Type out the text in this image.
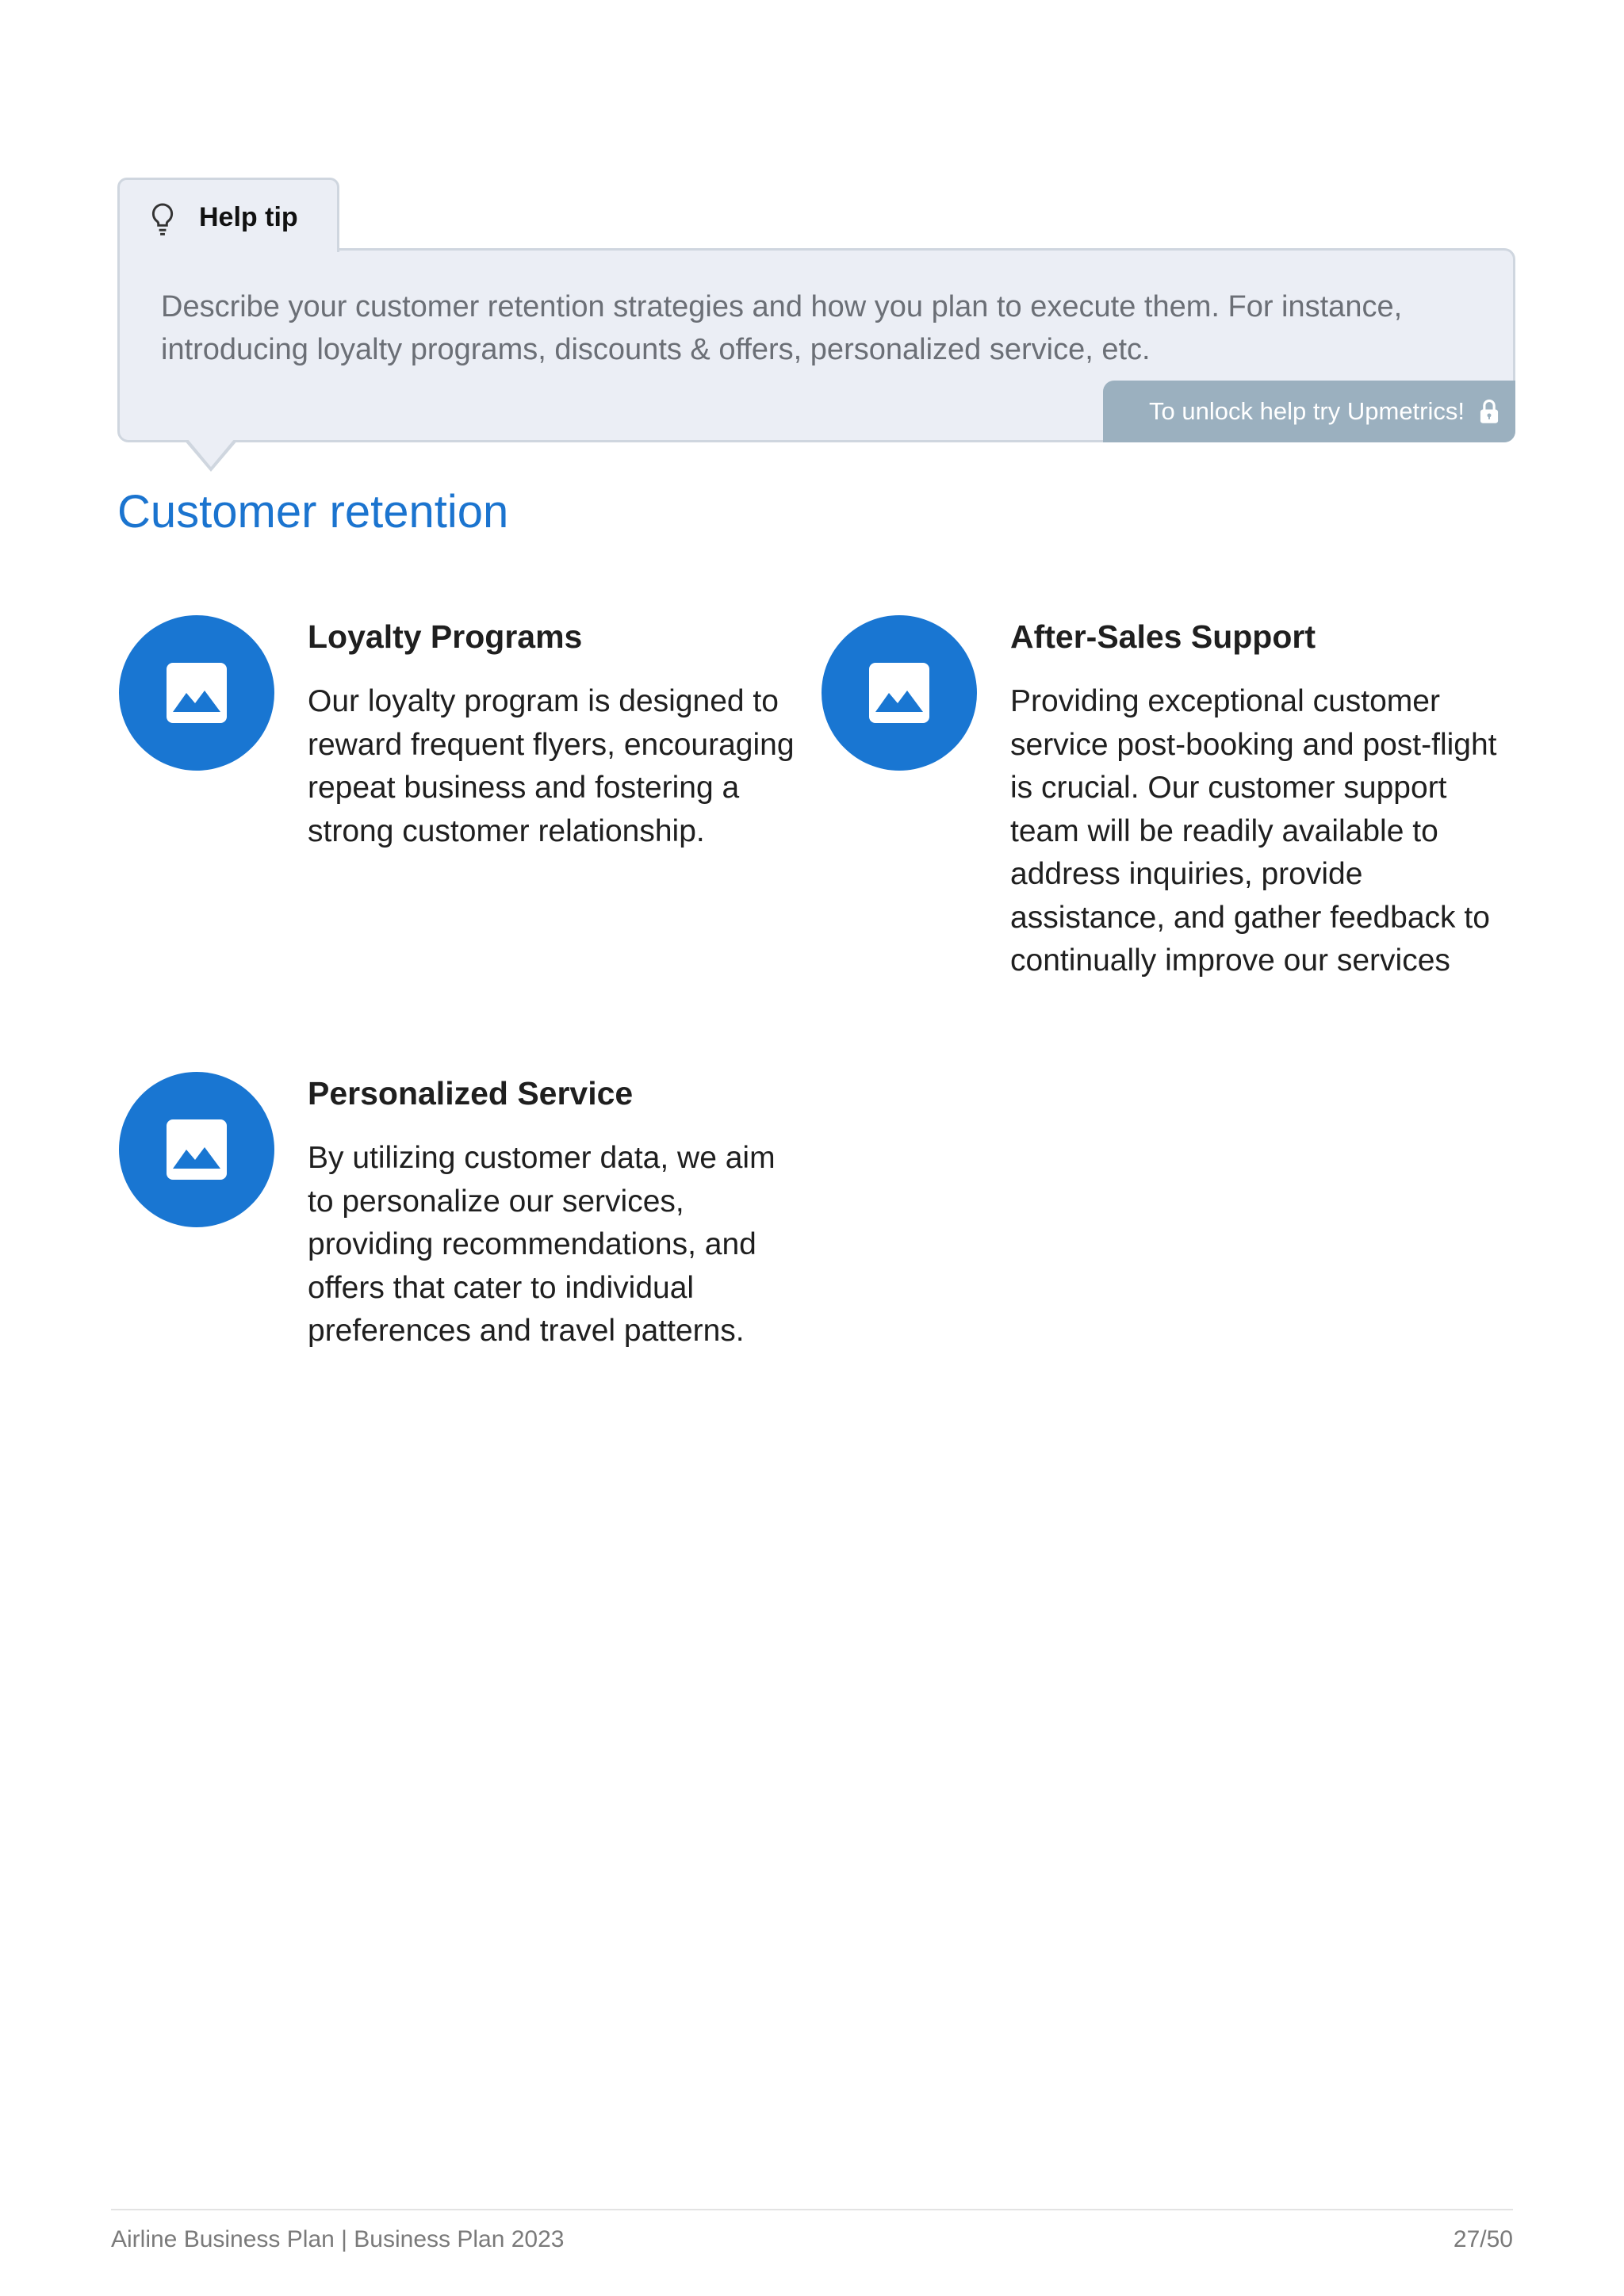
Help tip
Describe your customer retention strategies and how you plan to execute them. For instance, introducing loyalty programs, discounts & offers, personalized service, etc.
To unlock help try Upmetrics!
Customer retention
Loyalty Programs
Our loyalty program is designed to reward frequent flyers, encouraging repeat business and fostering a strong customer relationship.
After-Sales Support
Providing exceptional customer service post-booking and post-flight is crucial. Our customer support team will be readily available to address inquiries, provide assistance, and gather feedback to continually improve our services
Personalized Service
By utilizing customer data, we aim to personalize our services, providing recommendations, and offers that cater to individual preferences and travel patterns.
Airline Business Plan | Business Plan 2023	27/50
